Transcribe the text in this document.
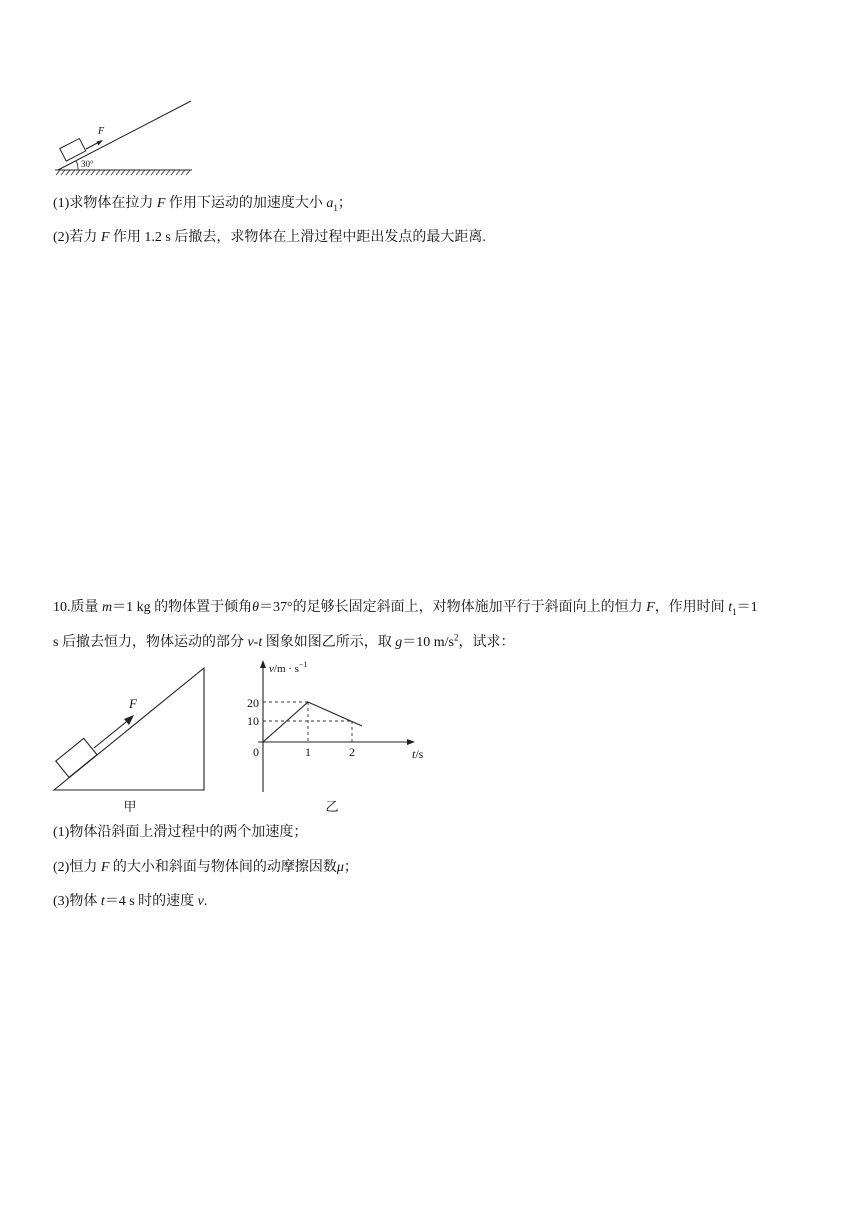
F
30°
(1)求物体在拉力 F 作用下运动的加速度大小 $a_1$；
(2)若力 F 作用 1.2 s 后撤去，求物体在上滑过程中距出发点的最大距离.
10.质量 m＝1 kg 的物体置于倾角θ＝37°的足够长固定斜面上，对物体施加平行于斜面向上的恒力 F，作用时间 $t_1=1$
s 后撤去恒力，物体运动的部分 v-t 图象如图乙所示，取 g＝10 $m/s^2$，试求：
F
甲
$v/m \cdot s^{-1}$
t/s
20
10
0	1	2
乙
(1)物体沿斜面上滑过程中的两个加速度；
(2)恒力 F 的大小和斜面与物体间的动摩擦因数μ；
(3)物体 t＝4 s 时的速度 v.
